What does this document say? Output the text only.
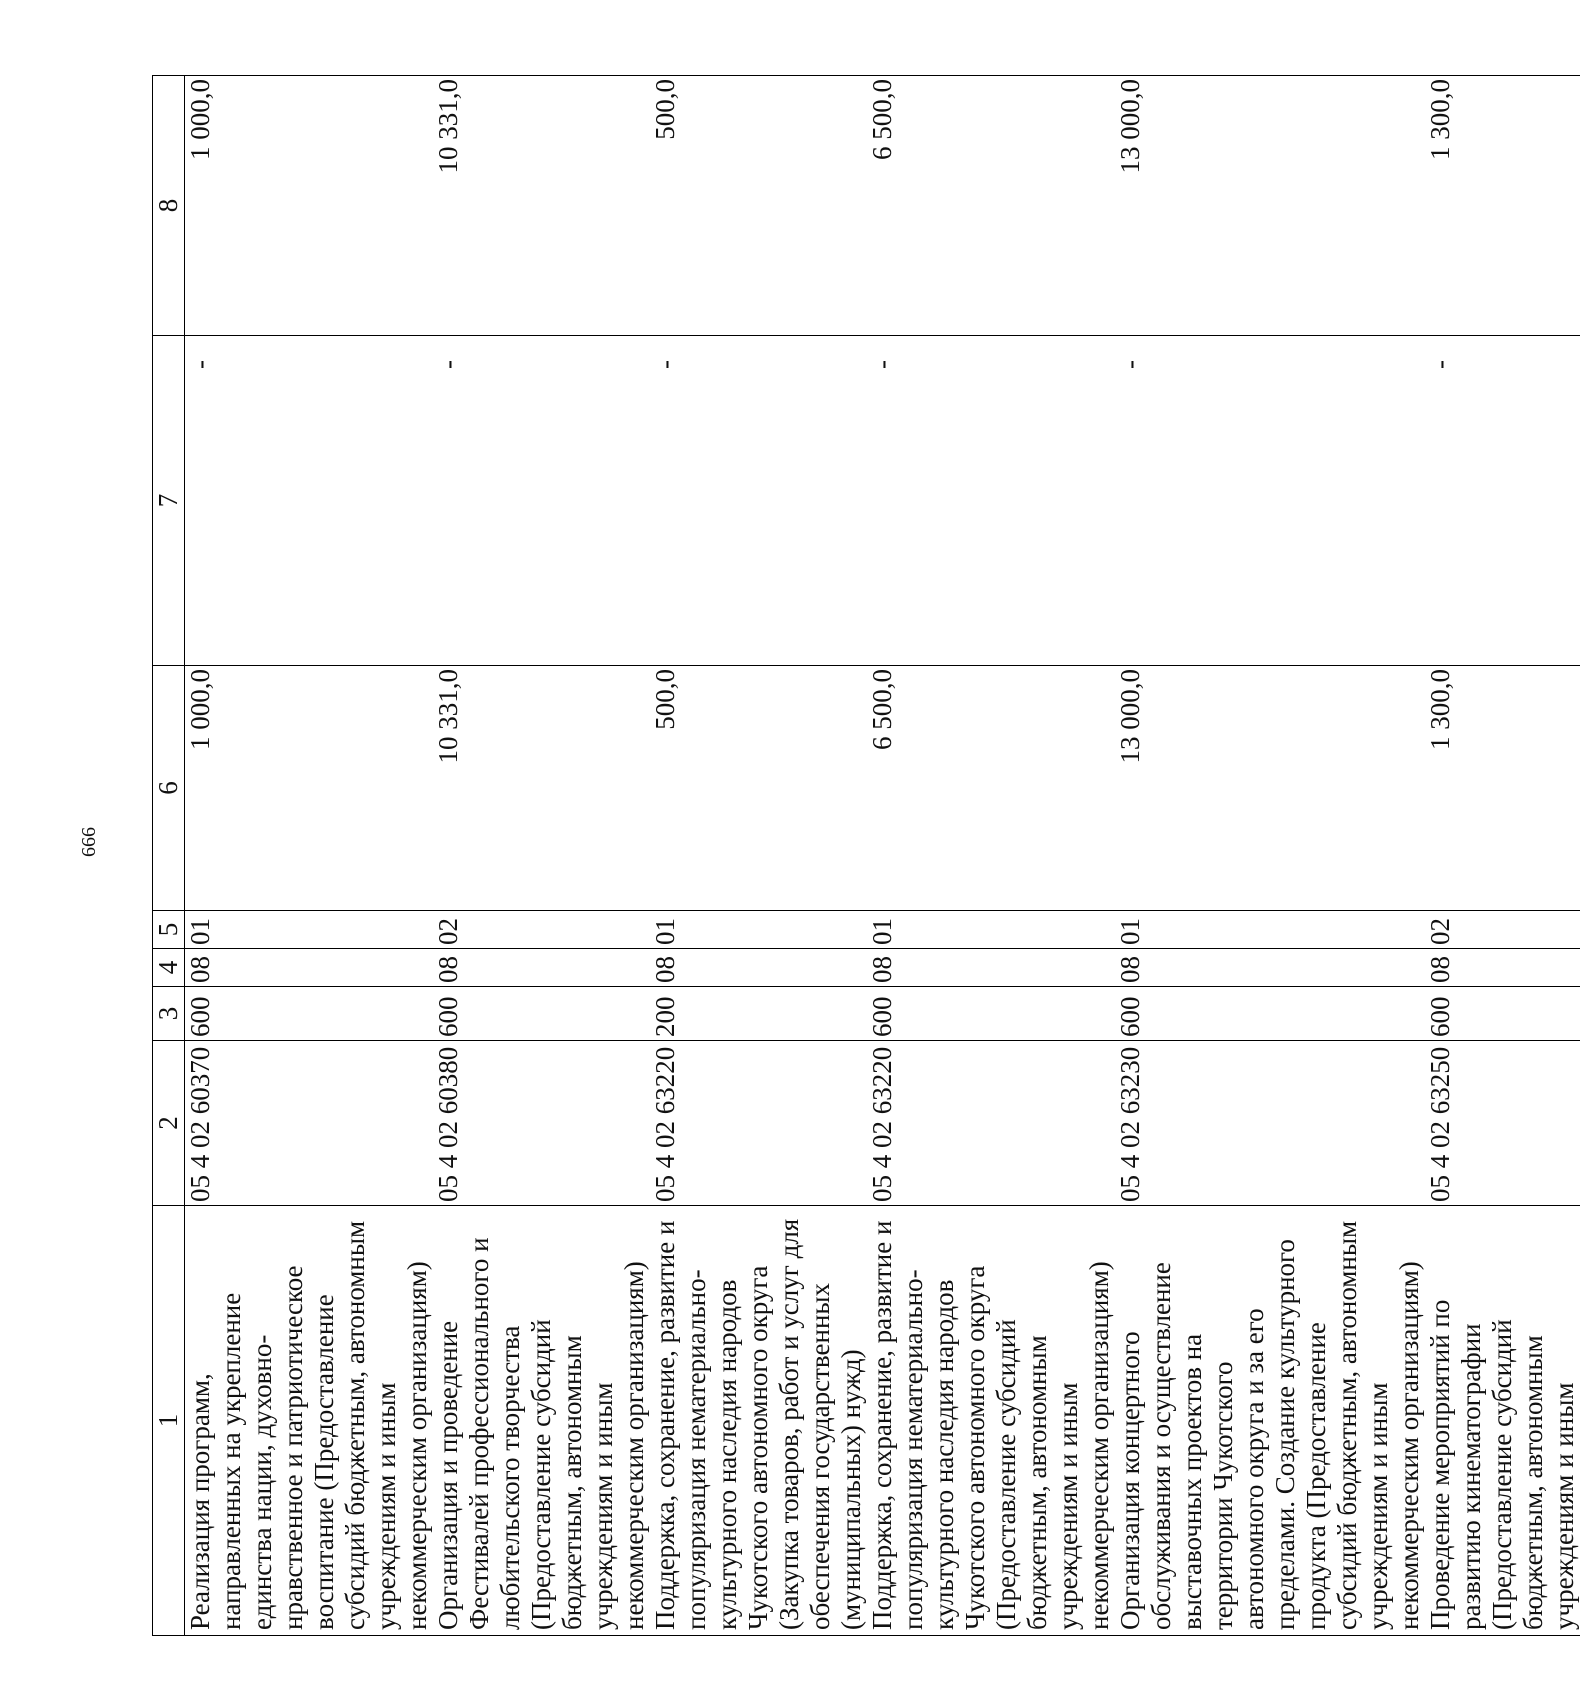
666
1	2	3	4	5	6	7	8
Реализация программ, направленных на укрепление единства нации, духовно-нравственное и патриотическое воспитание (Предоставление субсидий бюджетным, автономным учреждениям и иным некоммерческим организациям)	05 4 02 60370	600	08	01	1 000,0	-	1 000,0
Организация и проведение Фестивалей профессионального и любительского творчества (Предоставление субсидий бюджетным, автономным учреждениям и иным некоммерческим организациям)	05 4 02 60380	600	08	02	10 331,0	-	10 331,0
Поддержка, сохранение, развитие и популяризация нематериально-культурного наследия народов Чукотского автономного округа (Закупка товаров, работ и услуг для обеспечения государственных (муниципальных) нужд)	05 4 02 63220	200	08	01	500,0	-	500,0
Поддержка, сохранение, развитие и популяризация нематериально-культурного наследия народов Чукотского автономного округа (Предоставление субсидий бюджетным, автономным учреждениям и иным некоммерческим организациям)	05 4 02 63220	600	08	01	6 500,0	-	6 500,0
Организация концертного обслуживания и осуществление выставочных проектов на территории Чукотского автономного округа и за его пределами. Создание культурного продукта (Предоставление субсидий бюджетным, автономным учреждениям и иным некоммерческим организациям)	05 4 02 63230	600	08	01	13 000,0	-	13 000,0
Проведение мероприятий по развитию кинематографии (Предоставление субсидий бюджетным, автономным учреждениям и иным	05 4 02 63250	600	08	02	1 300,0	-	1 300,0
